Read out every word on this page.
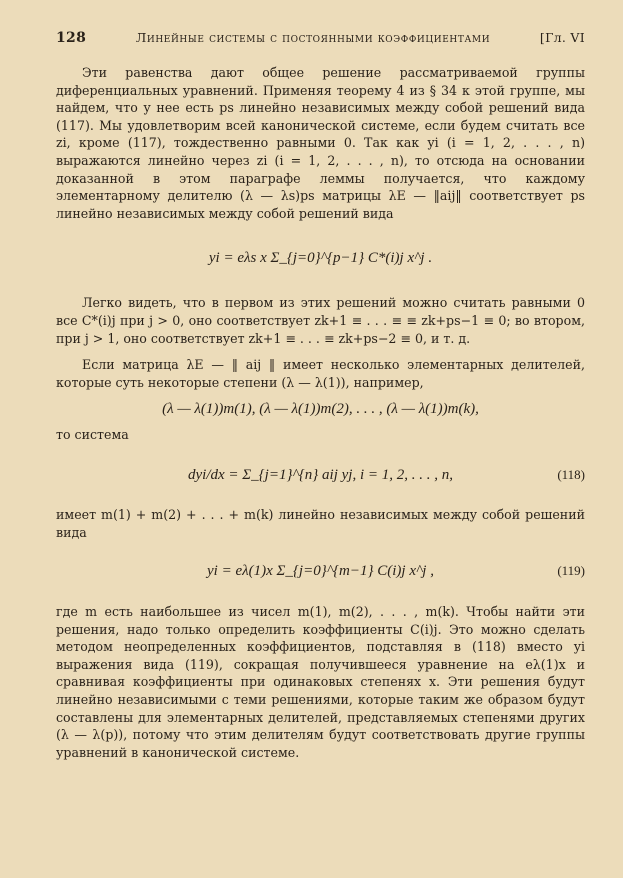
128	Линейные системы с постоянными коэффициентами	[Гл. VI

Эти равенства дают общее решение рассматриваемой группы диференциальных уравнений. Применяя теорему 4 из § 34 к этой группе, мы найдем, что у нее есть ps линейно независимых между собой решений вида (117). Мы удовлетворим всей канонической системе, если будем считать все zi, кроме (117), тождественно равными 0. Так как yi (i = 1, 2, . . . , n) выражаются линейно через zi (i = 1, 2, . . . , n), то отсюда на основании доказанной в этом параграфе леммы получается, что каждому элементарному делителю (λ — λs)ps матрицы λE — ‖aij‖ соответствует ps линейно независимых между собой решений вида

yi = eλs x Σ_{j=0}^{p−1} C*(i)j x^j .

Легко видеть, что в первом из этих решений можно считать равными 0 все C*(i)j при j > 0, оно соответствует zk+1 ≡ . . . ≡ ≡ zk+ps−1 ≡ 0; во втором, при j > 1, оно соответствует zk+1 ≡ . . . ≡ zk+ps−2 ≡ 0, и т. д.

Если матрица λE — ‖ aij ‖ имеет несколько элементарных делителей, которые суть некоторые степени (λ — λ(1)), например,

(λ — λ(1))m(1), (λ — λ(1))m(2), . . . , (λ — λ(1))m(k),

то система

dyi/dx = Σ_{j=1}^{n} aij yj, i = 1, 2, . . . , n,	(118)

имеет m(1) + m(2) + . . . + m(k) линейно независимых между собой решений вида

yi = eλ(1)x Σ_{j=0}^{m−1} C(i)j x^j ,	(119)

где m есть наибольшее из чисел m(1), m(2), . . . , m(k). Чтобы найти эти решения, надо только определить коэффициенты C(i)j. Это можно сделать методом неопределенных коэффициентов, подставляя в (118) вместо yi выражения вида (119), сокращая получившееся уравнение на eλ(1)x и сравнивая коэффициенты при одинаковых степенях x. Эти решения будут линейно независимыми с теми решениями, которые таким же образом будут составлены для элементарных делителей, представляемых степенями других (λ — λ(p)), потому что этим делителям будут соответствовать другие группы уравнений в канонической системе.
